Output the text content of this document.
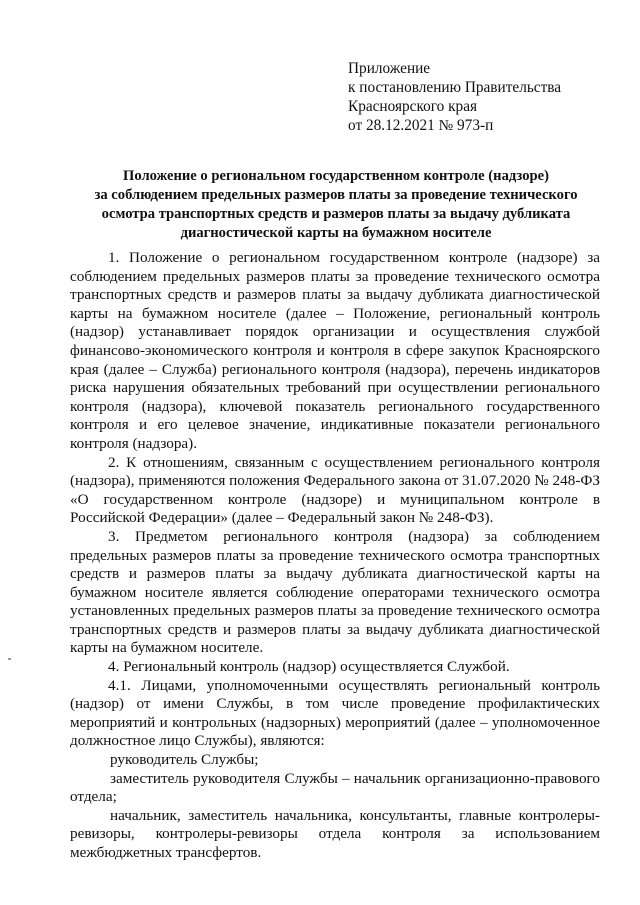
Приложение
к постановлению Правительства
Красноярского края
от 28.12.2021 № 973-п
Положение о региональном государственном контроле (надзоре)
за соблюдением предельных размеров платы за проведение технического
осмотра транспортных средств и размеров платы за выдачу дубликата
диагностической карты на бумажном носителе

1. Положение о региональном государственном контроле (надзоре) за соблюдением предельных размеров платы за проведение технического осмотра транспортных средств и размеров платы за выдачу дубликата диагностической карты на бумажном носителе (далее – Положение, региональный контроль (надзор) устанавливает порядок организации и осуществления службой финансово-экономического контроля и контроля в сфере закупок Красноярского края (далее – Служба) регионального контроля (надзора), перечень индикаторов риска нарушения обязательных требований при осуществлении регионального контроля (надзора), ключевой показатель регионального государственного контроля и его целевое значение, индикативные показатели регионального контроля (надзора).

2. К отношениям, связанным с осуществлением регионального контроля (надзора), применяются положения Федерального закона от 31.07.2020 № 248-ФЗ «О государственном контроле (надзоре) и муниципальном контроле в Российской Федерации» (далее – Федеральный закон № 248-ФЗ).

3. Предметом регионального контроля (надзора) за соблюдением предельных размеров платы за проведение технического осмотра транспортных средств и размеров платы за выдачу дубликата диагностической карты на бумажном носителе является соблюдение операторами технического осмотра установленных предельных размеров платы за проведение технического осмотра транспортных средств и размеров платы за выдачу дубликата диагностической карты на бумажном носителе.

4. Региональный контроль (надзор) осуществляется Службой.

4.1. Лицами, уполномоченными осуществлять региональный контроль (надзор) от имени Службы, в том числе проведение профилактических мероприятий и контрольных (надзорных) мероприятий (далее – уполномоченное должностное лицо Службы), являются:

руководитель Службы;

заместитель руководителя Службы – начальник организационно-правового отдела;

начальник, заместитель начальника, консультанты, главные контролеры-ревизоры, контролеры-ревизоры отдела контроля за использованием межбюджетных трансфертов.
